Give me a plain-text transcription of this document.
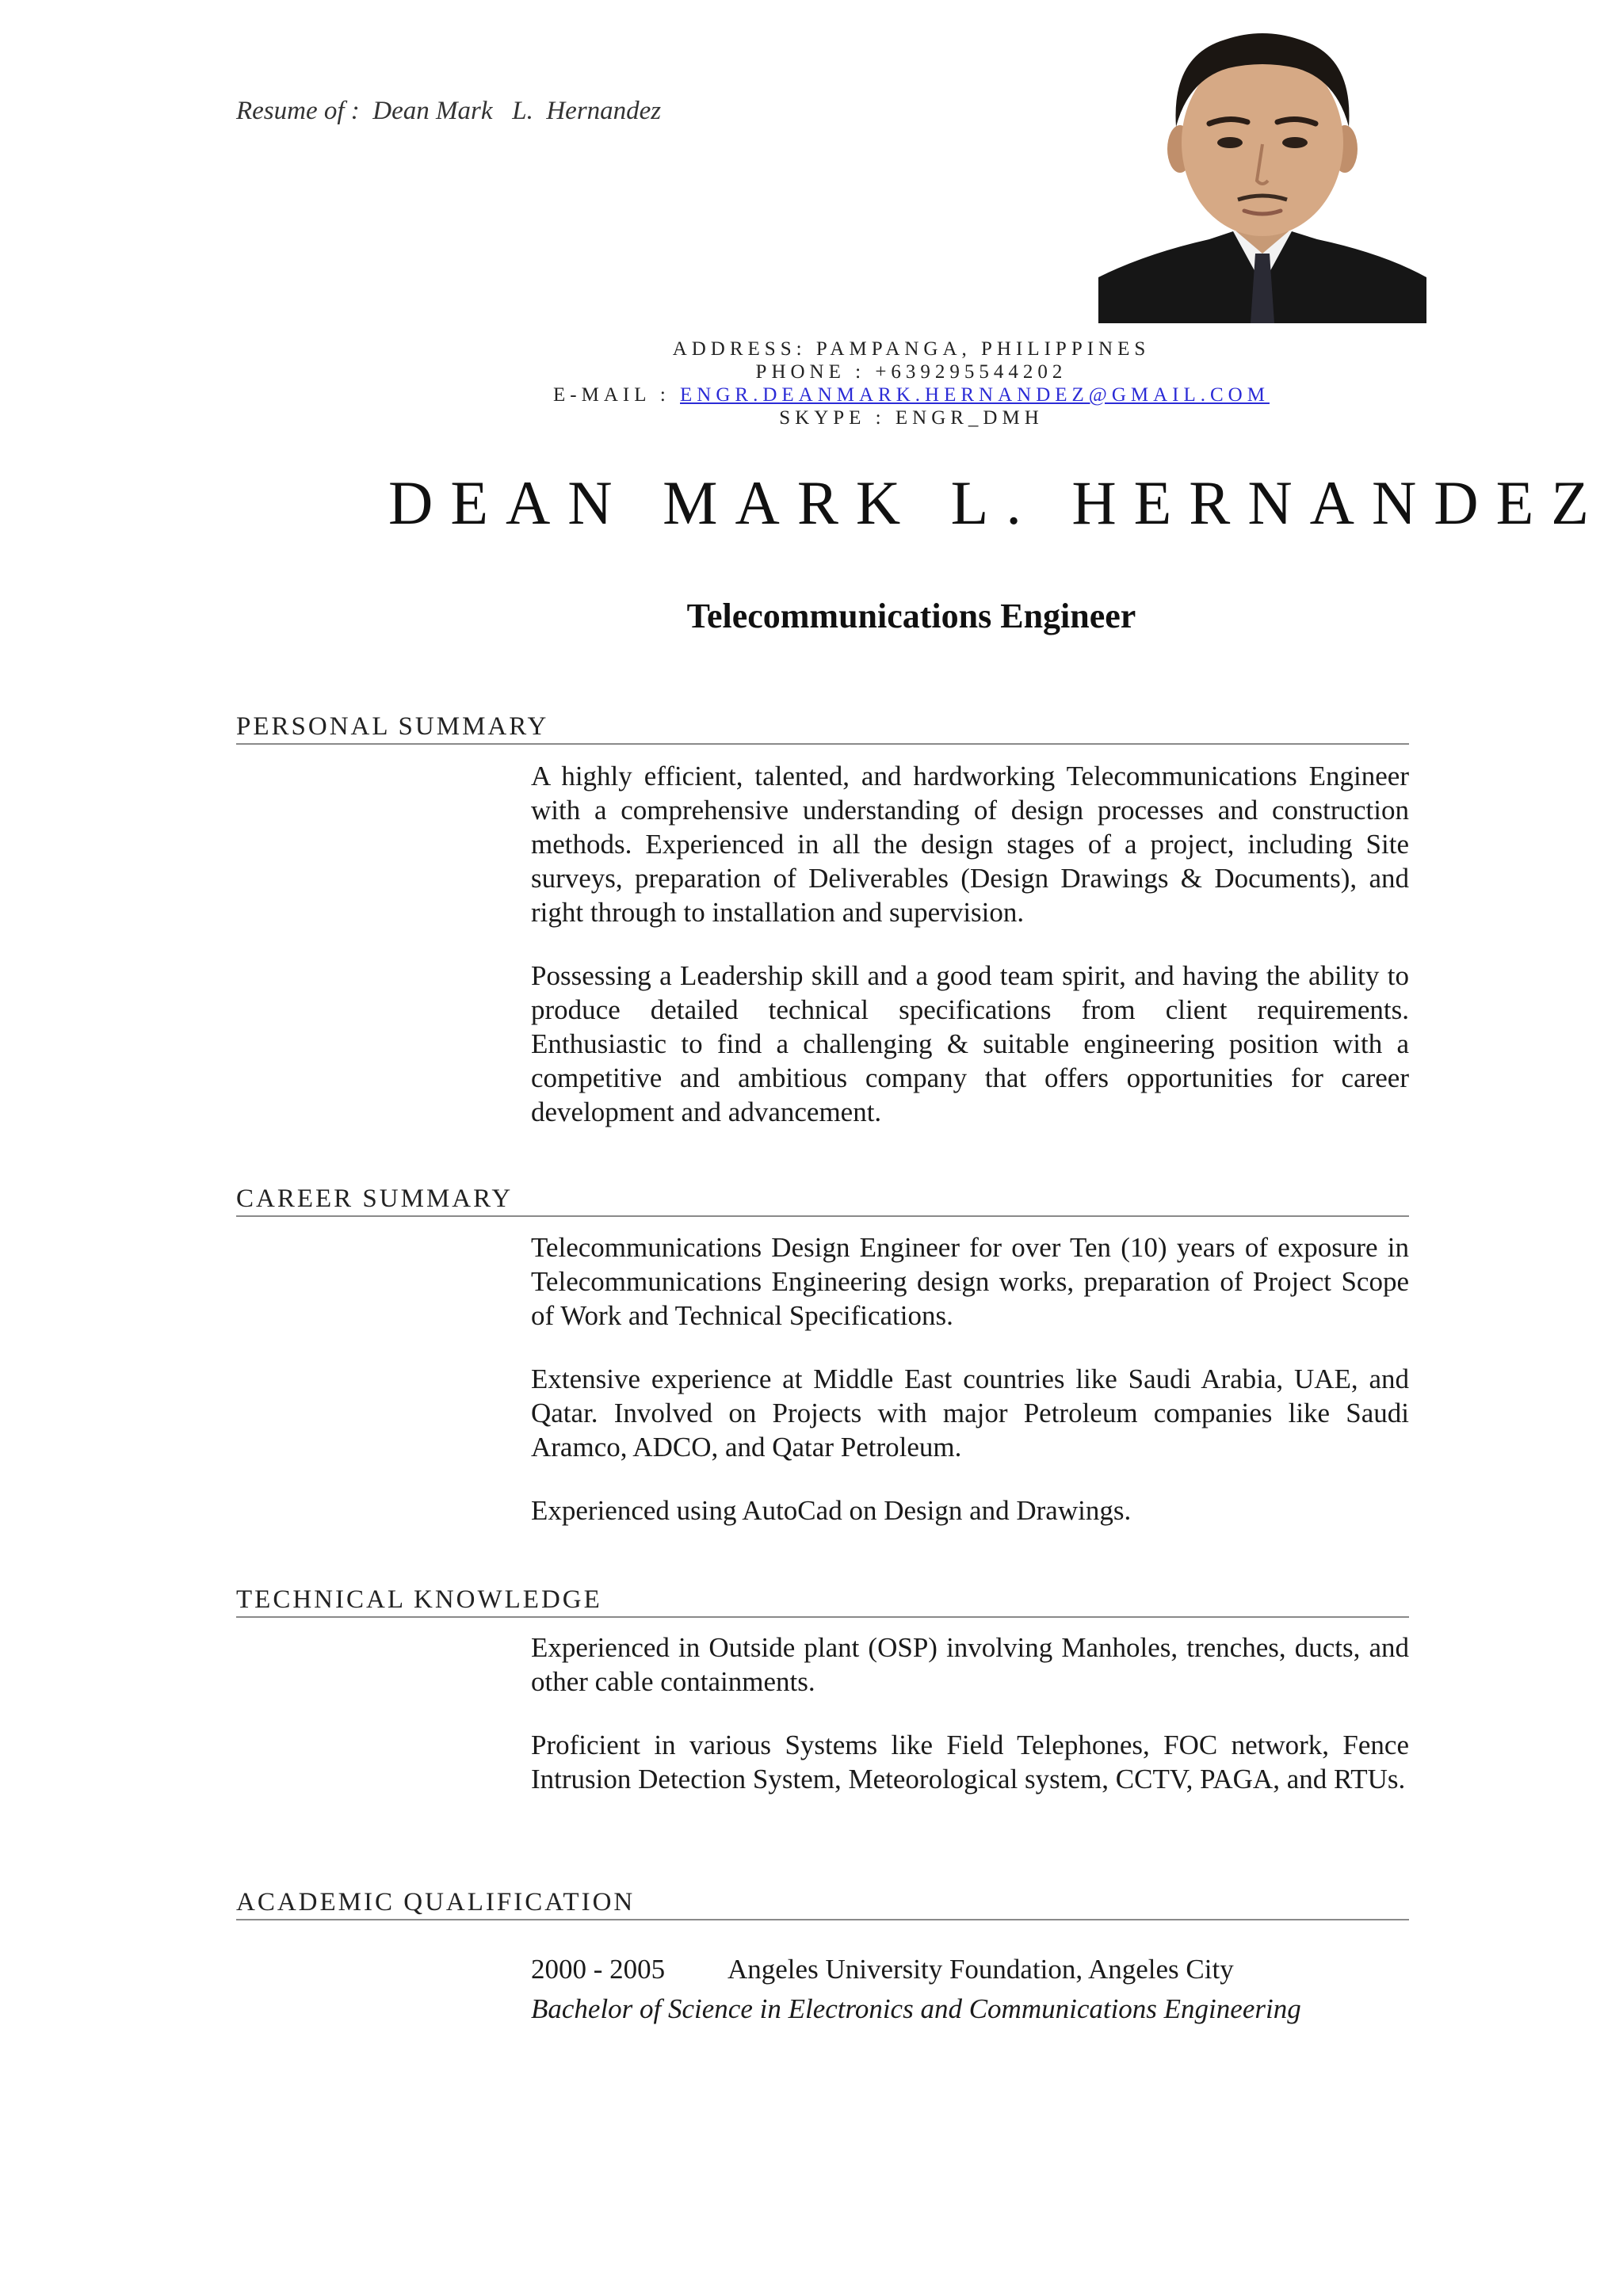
Resume of :  Dean Mark   L.  Hernandez
ADDRESS: PAMPANGA, PHILIPPINES
PHONE : +639295544202
E-MAIL : ENGR.DEANMARK.HERNANDEZ@GMAIL.COM
SKYPE : ENGR_DMH
DEAN MARK L. HERNANDEZ
Telecommunications Engineer
PERSONAL SUMMARY

A highly efficient, talented, and hardworking Telecommunications Engineer with a comprehensive understanding of design processes and construction methods. Experienced in all the design stages of a project, including Site surveys, preparation of Deliverables (Design Drawings & Documents), and right through to installation and supervision.

Possessing a Leadership skill and a good team spirit, and having the ability to produce detailed technical specifications from client requirements. Enthusiastic to find a challenging & suitable engineering position with a competitive and ambitious company that offers opportunities for career development and advancement.

CAREER SUMMARY

Telecommunications Design Engineer for over Ten (10) years of exposure in Telecommunications Engineering design works, preparation of Project Scope of Work and Technical Specifications.

Extensive experience at Middle East countries like Saudi Arabia, UAE, and Qatar. Involved on Projects with major Petroleum companies like Saudi Aramco, ADCO, and Qatar Petroleum.

Experienced using AutoCad on Design and Drawings.

TECHNICAL KNOWLEDGE

Experienced in Outside plant (OSP) involving Manholes, trenches, ducts, and other cable containments.

Proficient in various Systems like Field Telephones, FOC network, Fence Intrusion Detection System, Meteorological system, CCTV, PAGA, and RTUs.

ACADEMIC QUALIFICATION
2000 - 2005 Angeles University Foundation, Angeles City
Bachelor of Science in Electronics and Communications Engineering
